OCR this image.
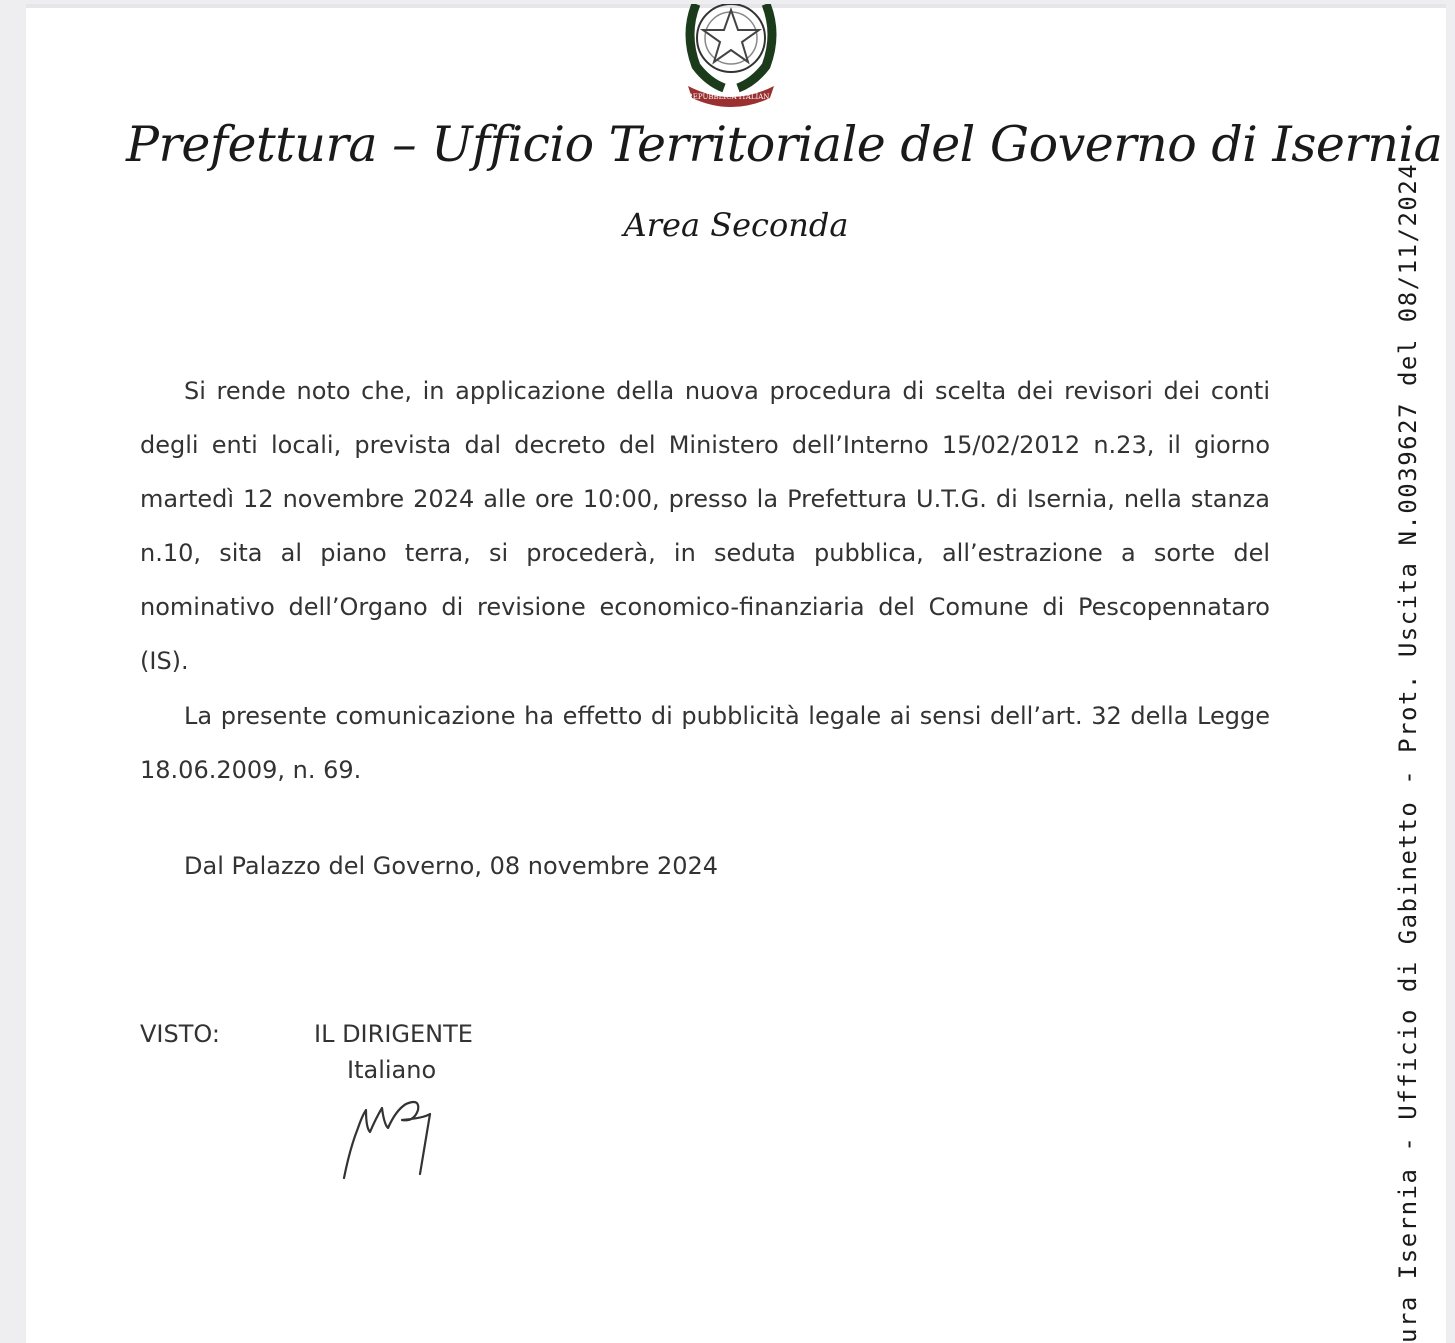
REPUBBLICA ITALIANA
Prefettura – Ufficio Territoriale del Governo di Isernia
Area Seconda

Si rende noto che, in applicazione della nuova procedura di scelta dei revisori dei conti degli enti locali, prevista dal decreto del Ministero dell’Interno 15/02/2012 n.23, il giorno martedì 12 novembre 2024 alle ore 10:00, presso la Prefettura U.T.G. di Isernia, nella stanza n.10, sita al piano terra, si procederà, in seduta pubblica, all’estrazione a sorte del nominativo dell’Organo di revisione economico-finanziaria del Comune di Pescopennataro (IS).

La presente comunicazione ha effetto di pubblicità legale ai sensi dell’art. 32 della Legge 18.06.2009, n. 69.

Dal Palazzo del Governo, 08 novembre 2024
VISTO:	IL DIRIGENTE
Italiano	ura Isernia - Ufficio di Gabinetto - Prot. Uscita N.0039627 del 08/11/2024
